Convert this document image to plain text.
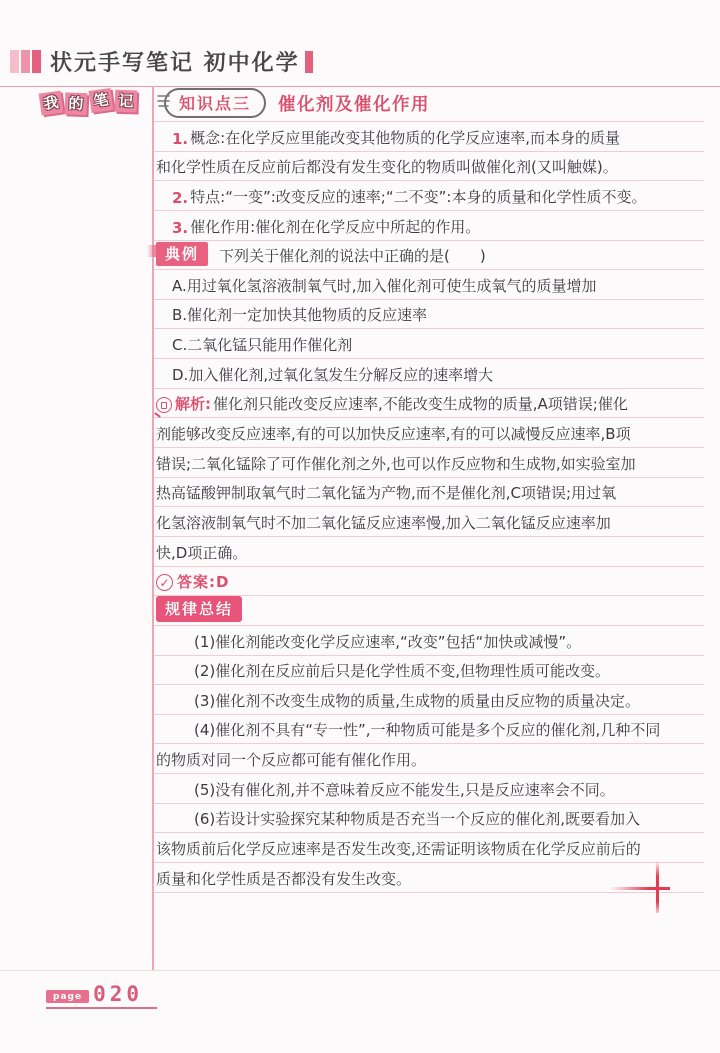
状元手写笔记 初中化学
我 的 笔 记	知识点三	催化剂及催化作用
1. 概念:在化学反应里能改变其他物质的化学反应速率,而本身的质量
和化学性质在反应前后都没有发生变化的物质叫做催化剂(又叫触媒)。
2. 特点:“一变”:改变反应的速率;“二不变”:本身的质量和化学性质不变。
3. 催化作用:催化剂在化学反应中所起的作用。
典例	下列关于催化剂的说法中正确的是(　　)
A.用过氧化氢溶液制氧气时,加入催化剂可使生成氧气的质量增加
B.催化剂一定加快其他物质的反应速率
C.二氧化锰只能用作催化剂
D.加入催化剂,过氧化氢发生分解反应的速率增大
解析: 催化剂只能改变反应速率,不能改变生成物的质量,A项错误;催化
剂能够改变反应速率,有的可以加快反应速率,有的可以减慢反应速率,B项
错误;二氧化锰除了可作催化剂之外,也可以作反应物和生成物,如实验室加
热高锰酸钾制取氧气时二氧化锰为产物,而不是催化剂,C项错误;用过氧
化氢溶液制氧气时不加二氧化锰反应速率慢,加入二氧化锰反应速率加
快,D项正确。
✓ 答案:D
规律总结
(1)催化剂能改变化学反应速率,“改变”包括“加快或减慢”。
(2)催化剂在反应前后只是化学性质不变,但物理性质可能改变。
(3)催化剂不改变生成物的质量,生成物的质量由反应物的质量决定。
(4)催化剂不具有“专一性”,一种物质可能是多个反应的催化剂,几种不同
的物质对同一个反应都可能有催化作用。
(5)没有催化剂,并不意味着反应不能发生,只是反应速率会不同。
(6)若设计实验探究某种物质是否充当一个反应的催化剂,既要看加入
该物质前后化学反应速率是否发生改变,还需证明该物质在化学反应前后的
质量和化学性质是否都没有发生改变。
page 020
